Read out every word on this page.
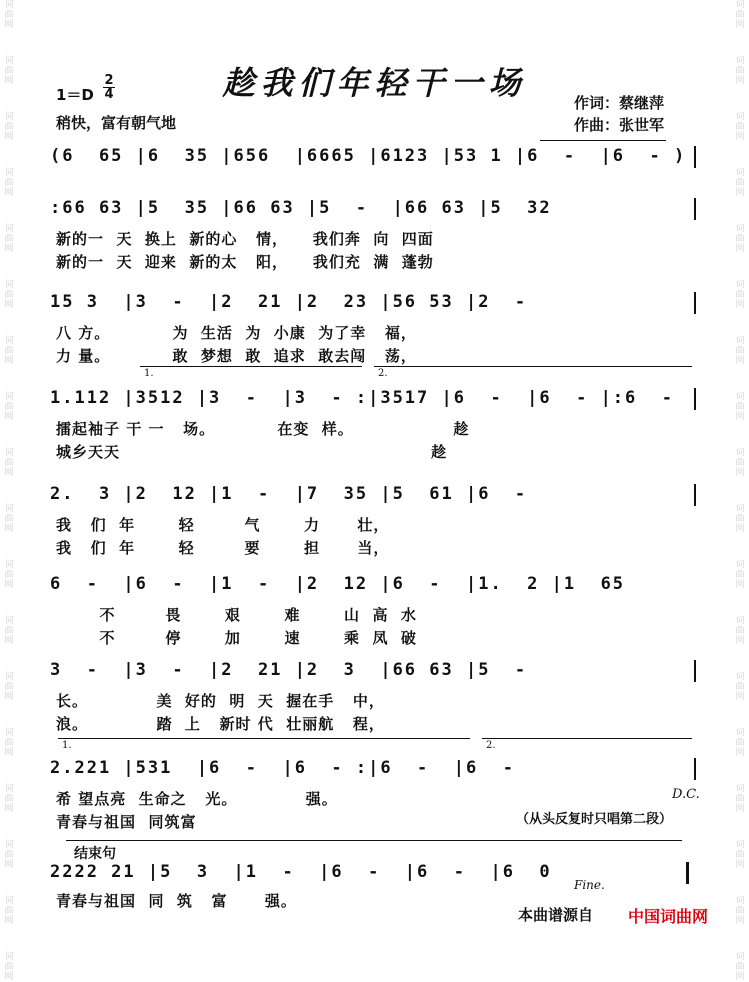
词曲网
词曲网
词曲网
词曲网
词曲网
词曲网
词曲网
词曲网
词曲网
词曲网
词曲网
词曲网
词曲网
词曲网
词曲网
词曲网
词曲网
词曲网
词曲网
词曲网
词曲网
词曲网
词曲网
词曲网
词曲网
词曲网
词曲网
词曲网
词曲网
词曲网
词曲网
词曲网
词曲网
词曲网
词曲网
词曲网
趁我们年轻干一场
$1=D \frac{2}{4}$
稍快，富有朝气地
作词：蔡继萍
作曲：张世军
(6  65 |6  35 |656  |6665 |6123 |53 1 |6  -  |6  - )
:66 63 |5  35 |66 63 |5  -  |66 63 |5  32
新的一  天  换上  新的心   情，    我们奔  向  四面
新的一  天  迎来  新的太   阳，    我们充  满  蓬勃
15 3  |3  -  |2  21 |2  23 |56 53 |2  -
八 方。          为  生活  为  小康  为了幸   福，
力 量。          敢  梦想  敢  追求  敢去闯   荡，
1.	2.
1.112 |3512 |3  -  |3  - :|3517 |6  -  |6  - |:6  -
擂起袖子 干 一   场。          在变  样。                趁
城乡天天                                                  趁
2.  3 |2  12 |1  -  |7  35 |5  61 |6  -
我   们  年       轻        气       力      壮，
我   们  年       轻        要       担      当，
6  -  |6  -  |1  -  |2  12 |6  -  |1.  2 |1  65
不        畏       艰       难       山  高  水
不        停       加       速       乘  凤  破
3  -  |3  -  |2  21 |2  3  |66 63 |5  -
长。           美  好的  明  天  握在手   中，
浪。           踏  上   新时 代  壮丽航   程，
1.	2.
2.221 |531  |6  -  |6  - :|6  -  |6  -
希 望点亮  生命之   光。           强。
青春与祖国  同筑富
D.C.
（从头反复时只唱第二段）
结束句
2222 21 |5  3  |1  -  |6  -  |6  -  |6  0
青春与祖国  同  筑   富      强。
Fine.
本曲谱源自 中国词曲网
